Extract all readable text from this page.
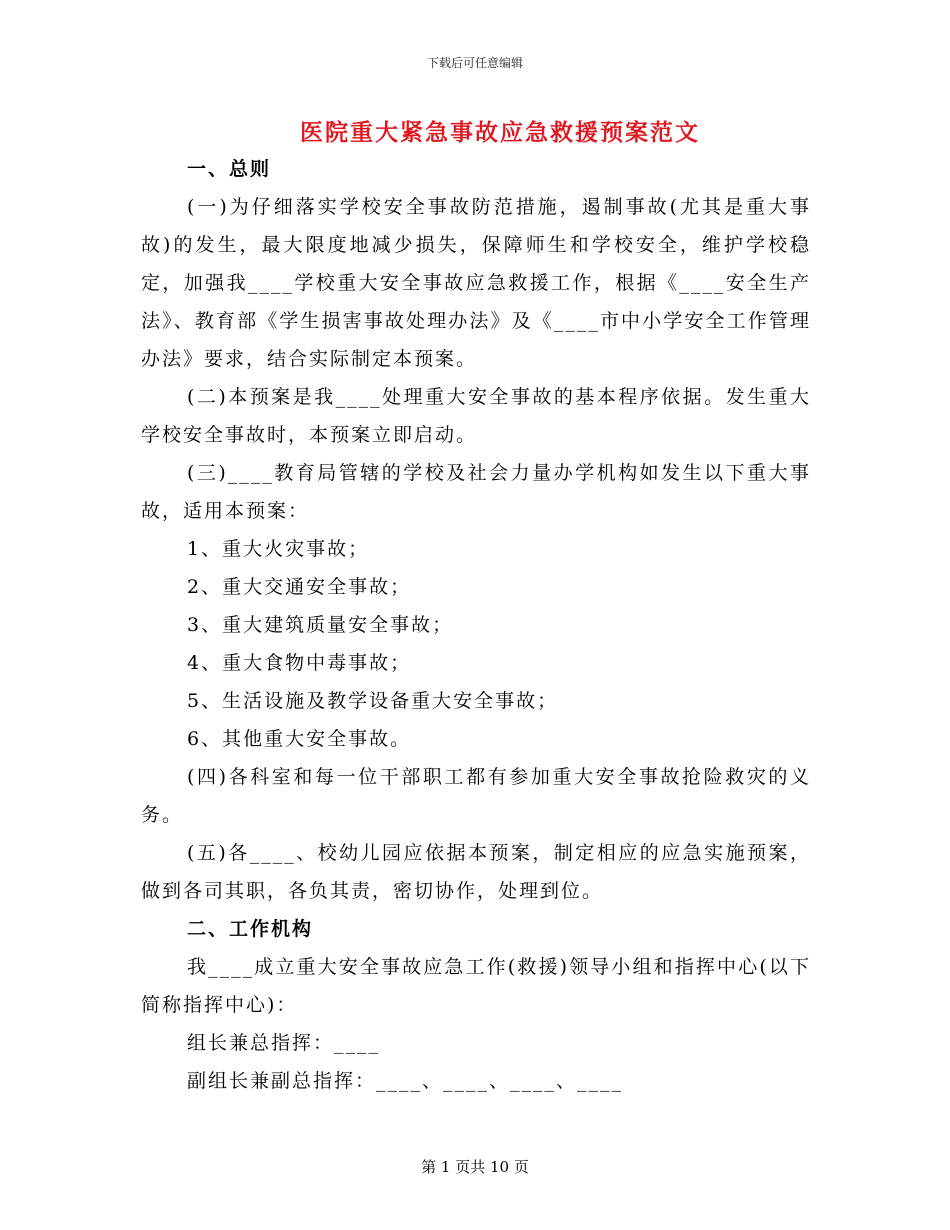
下载后可任意编辑
医院重大紧急事故应急救援预案范文
一、总则

(一)为仔细落实学校安全事故防范措施，遏制事故(尤其是重大事故)的发生，最大限度地减少损失，保障师生和学校安全，维护学校稳定，加强我____学校重大安全事故应急救援工作，根据《____安全生产法》、教育部《学生损害事故处理办法》及《____市中小学安全工作管理办法》要求，结合实际制定本预案。

(二)本预案是我____处理重大安全事故的基本程序依据。发生重大学校安全事故时，本预案立即启动。

(三)____教育局管辖的学校及社会力量办学机构如发生以下重大事故，适用本预案：

1、重大火灾事故；

2、重大交通安全事故；

3、重大建筑质量安全事故；

4、重大食物中毒事故；

5、生活设施及教学设备重大安全事故；

6、其他重大安全事故。

(四)各科室和每一位干部职工都有参加重大安全事故抢险救灾的义务。

(五)各____、校幼儿园应依据本预案，制定相应的应急实施预案，做到各司其职，各负其责，密切协作，处理到位。

二、工作机构

我____成立重大安全事故应急工作(救援)领导小组和指挥中心(以下简称指挥中心)：

组长兼总指挥：____

副组长兼副总指挥：____、____、____、____

第 1 页共 10 页
